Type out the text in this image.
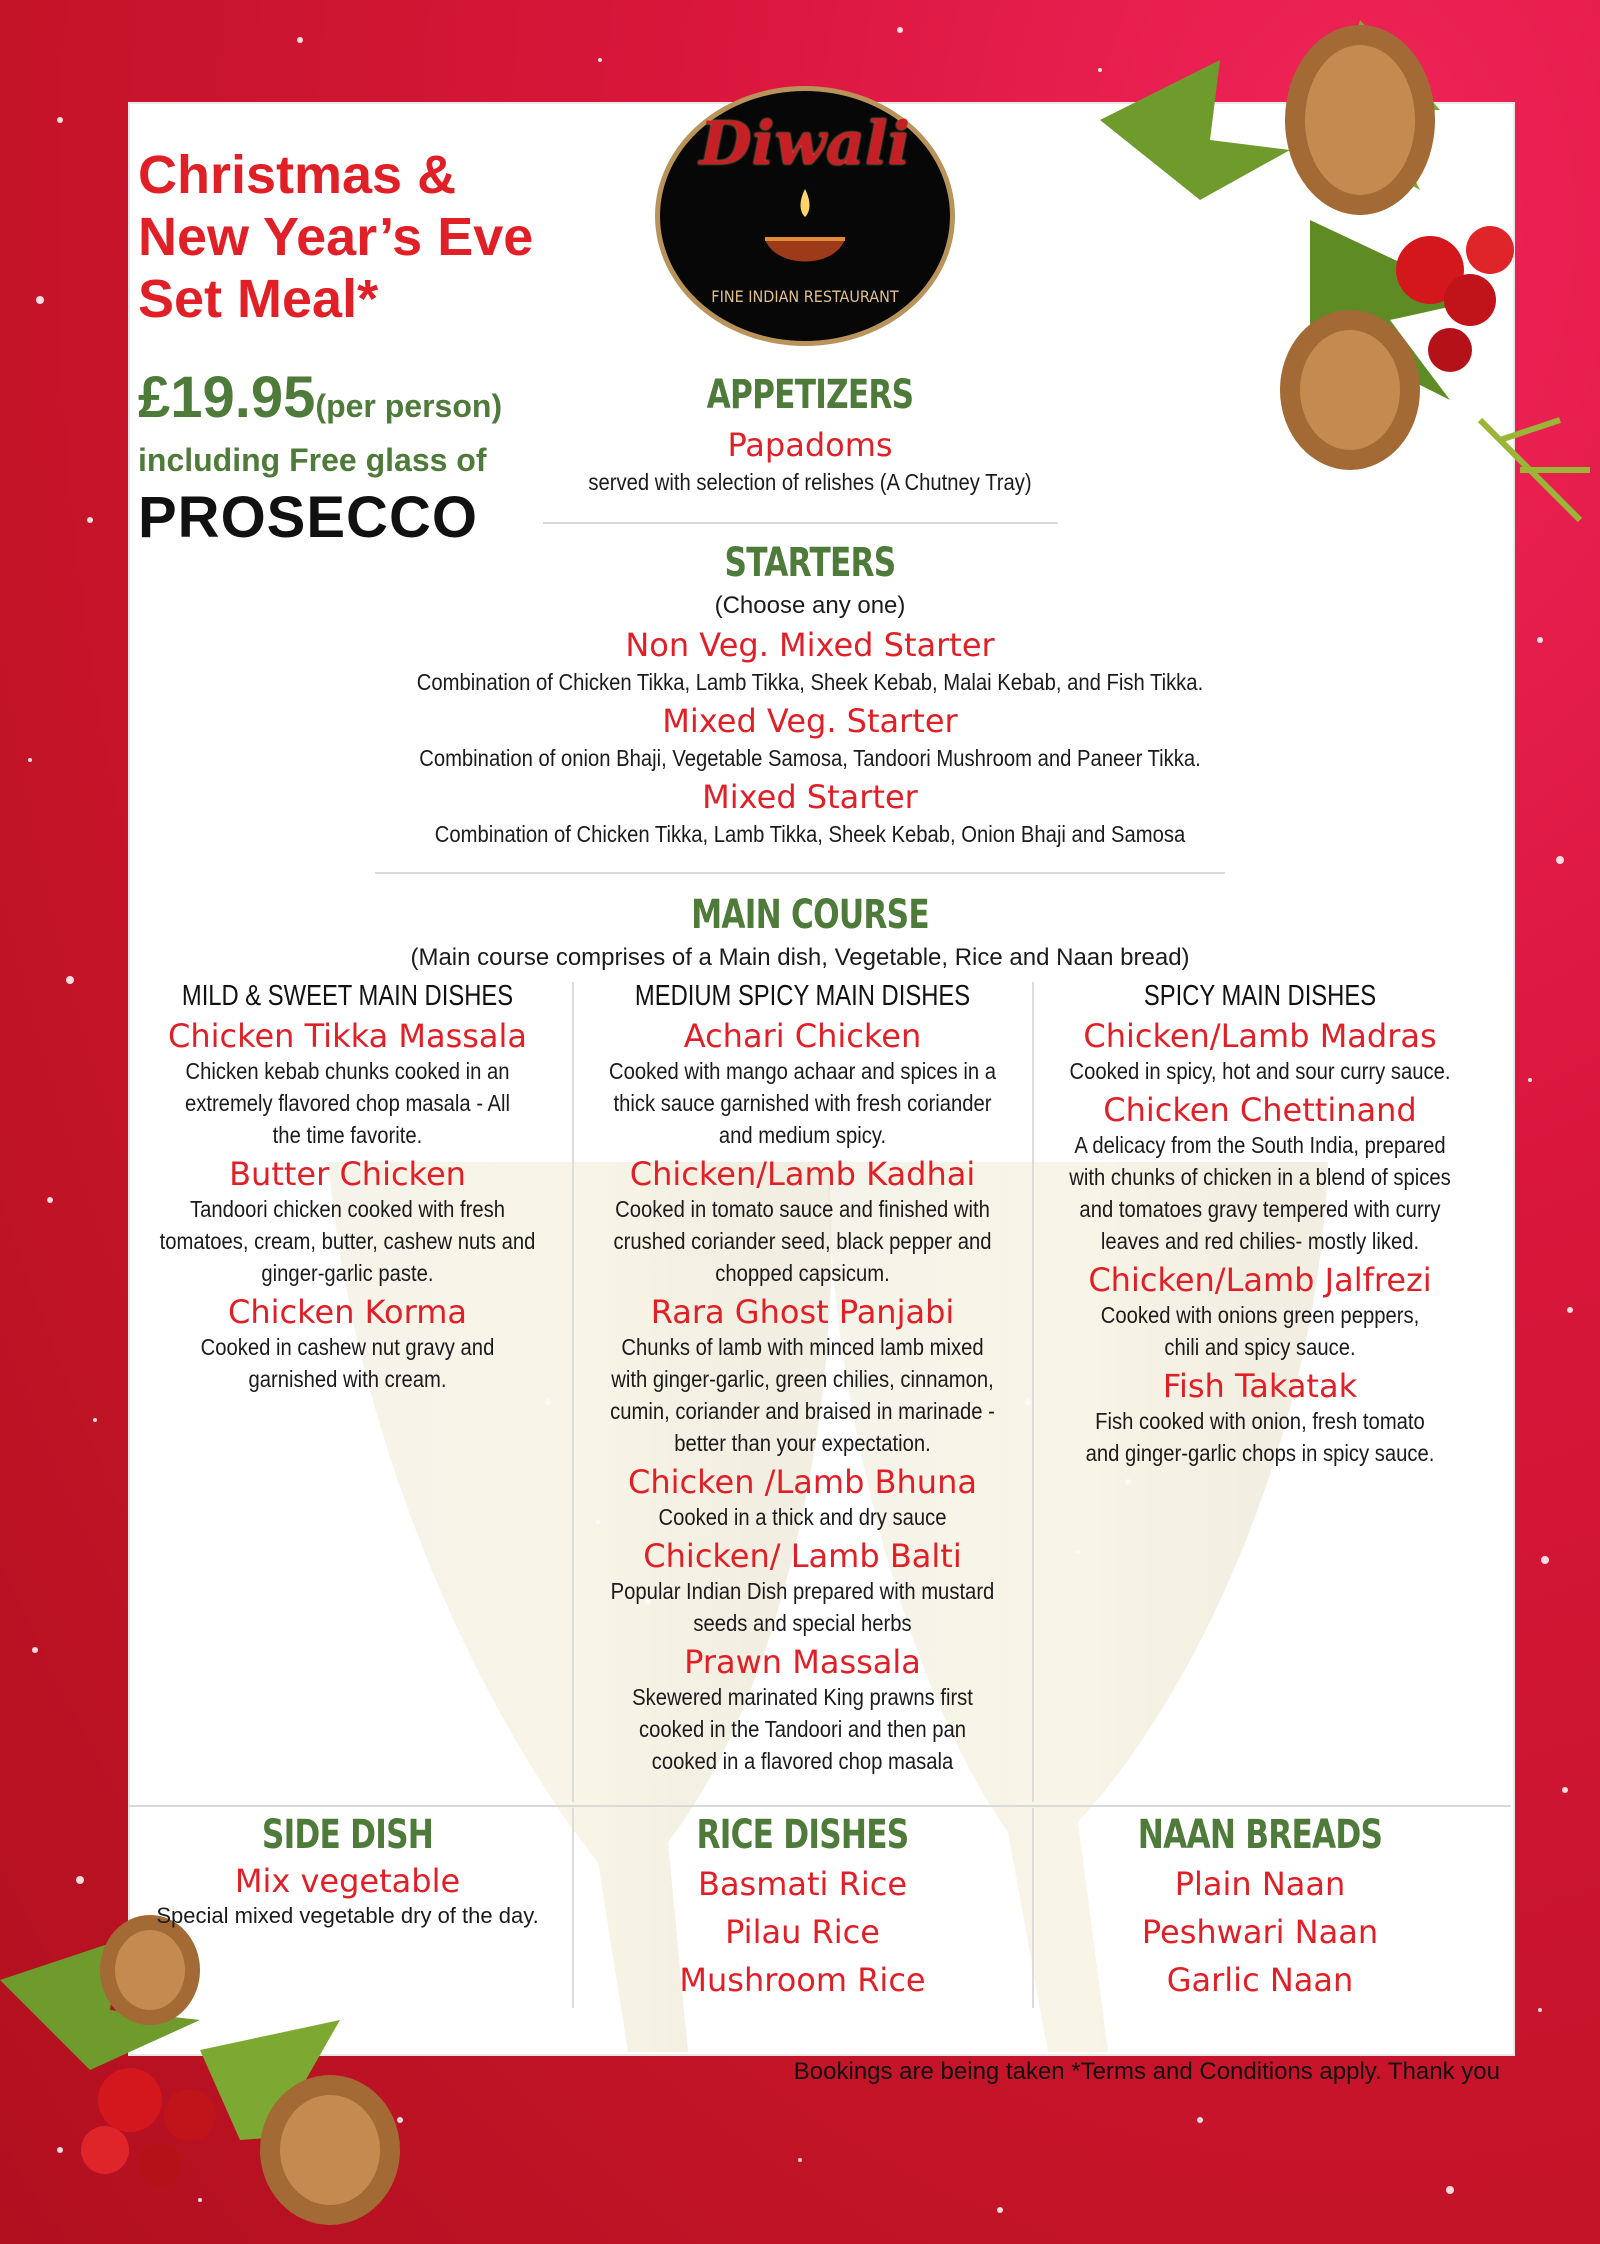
Diwali
FINE INDIAN RESTAURANT
Christmas &
New Year’s Eve
Set Meal*
£19.95(per person)
including Free glass of
PROSECCO
APPETIZERS
Papadoms
served with selection of relishes (A Chutney Tray)
STARTERS
(Choose any one)
Non Veg. Mixed Starter
Combination of Chicken Tikka, Lamb Tikka, Sheek Kebab, Malai Kebab, and Fish Tikka.
Mixed Veg. Starter
Combination of onion Bhaji, Vegetable Samosa, Tandoori Mushroom and Paneer Tikka.
Mixed Starter
Combination of Chicken Tikka, Lamb Tikka, Sheek Kebab, Onion Bhaji and Samosa
MAIN COURSE
(Main course comprises of a Main dish, Vegetable, Rice and Naan bread)
MILD & SWEET MAIN DISHES
Chicken Tikka Massala
Chicken kebab chunks cooked in an extremely flavored chop masala - All the time favorite.
Butter Chicken
Tandoori chicken cooked with fresh tomatoes, cream, butter, cashew nuts and ginger-garlic paste.
Chicken Korma
Cooked in cashew nut gravy and garnished with cream.
MEDIUM SPICY MAIN DISHES
Achari Chicken
Cooked with mango achaar and spices in a thick sauce garnished with fresh coriander and medium spicy.
Chicken/Lamb Kadhai
Cooked in tomato sauce and finished with crushed coriander seed, black pepper and chopped capsicum.
Rara Ghost Panjabi
Chunks of lamb with minced lamb mixed with ginger-garlic, green chilies, cinnamon, cumin, coriander and braised in marinade - better than your expectation.
Chicken /Lamb Bhuna
Cooked in a thick and dry sauce
Chicken/ Lamb Balti
Popular Indian Dish prepared with mustard seeds and special herbs
Prawn Massala
Skewered marinated King prawns first cooked in the Tandoori and then pan cooked in a flavored chop masala
SPICY MAIN DISHES
Chicken/Lamb Madras
Cooked in spicy, hot and sour curry sauce.
Chicken Chettinand
A delicacy from the South India, prepared with chunks of chicken in a blend of spices and tomatoes gravy tempered with curry leaves and red chilies- mostly liked.
Chicken/Lamb Jalfrezi
Cooked with onions green peppers, chili and spicy sauce.
Fish Takatak
Fish cooked with onion, fresh tomato and ginger-garlic chops in spicy sauce.
SIDE DISH
Mix vegetable
Special mixed vegetable dry of the day.
RICE DISHES
Basmati Rice
Pilau Rice
Mushroom Rice
NAAN BREADS
Plain Naan
Peshwari Naan
Garlic Naan
Bookings are being taken *Terms and Conditions apply. Thank you
